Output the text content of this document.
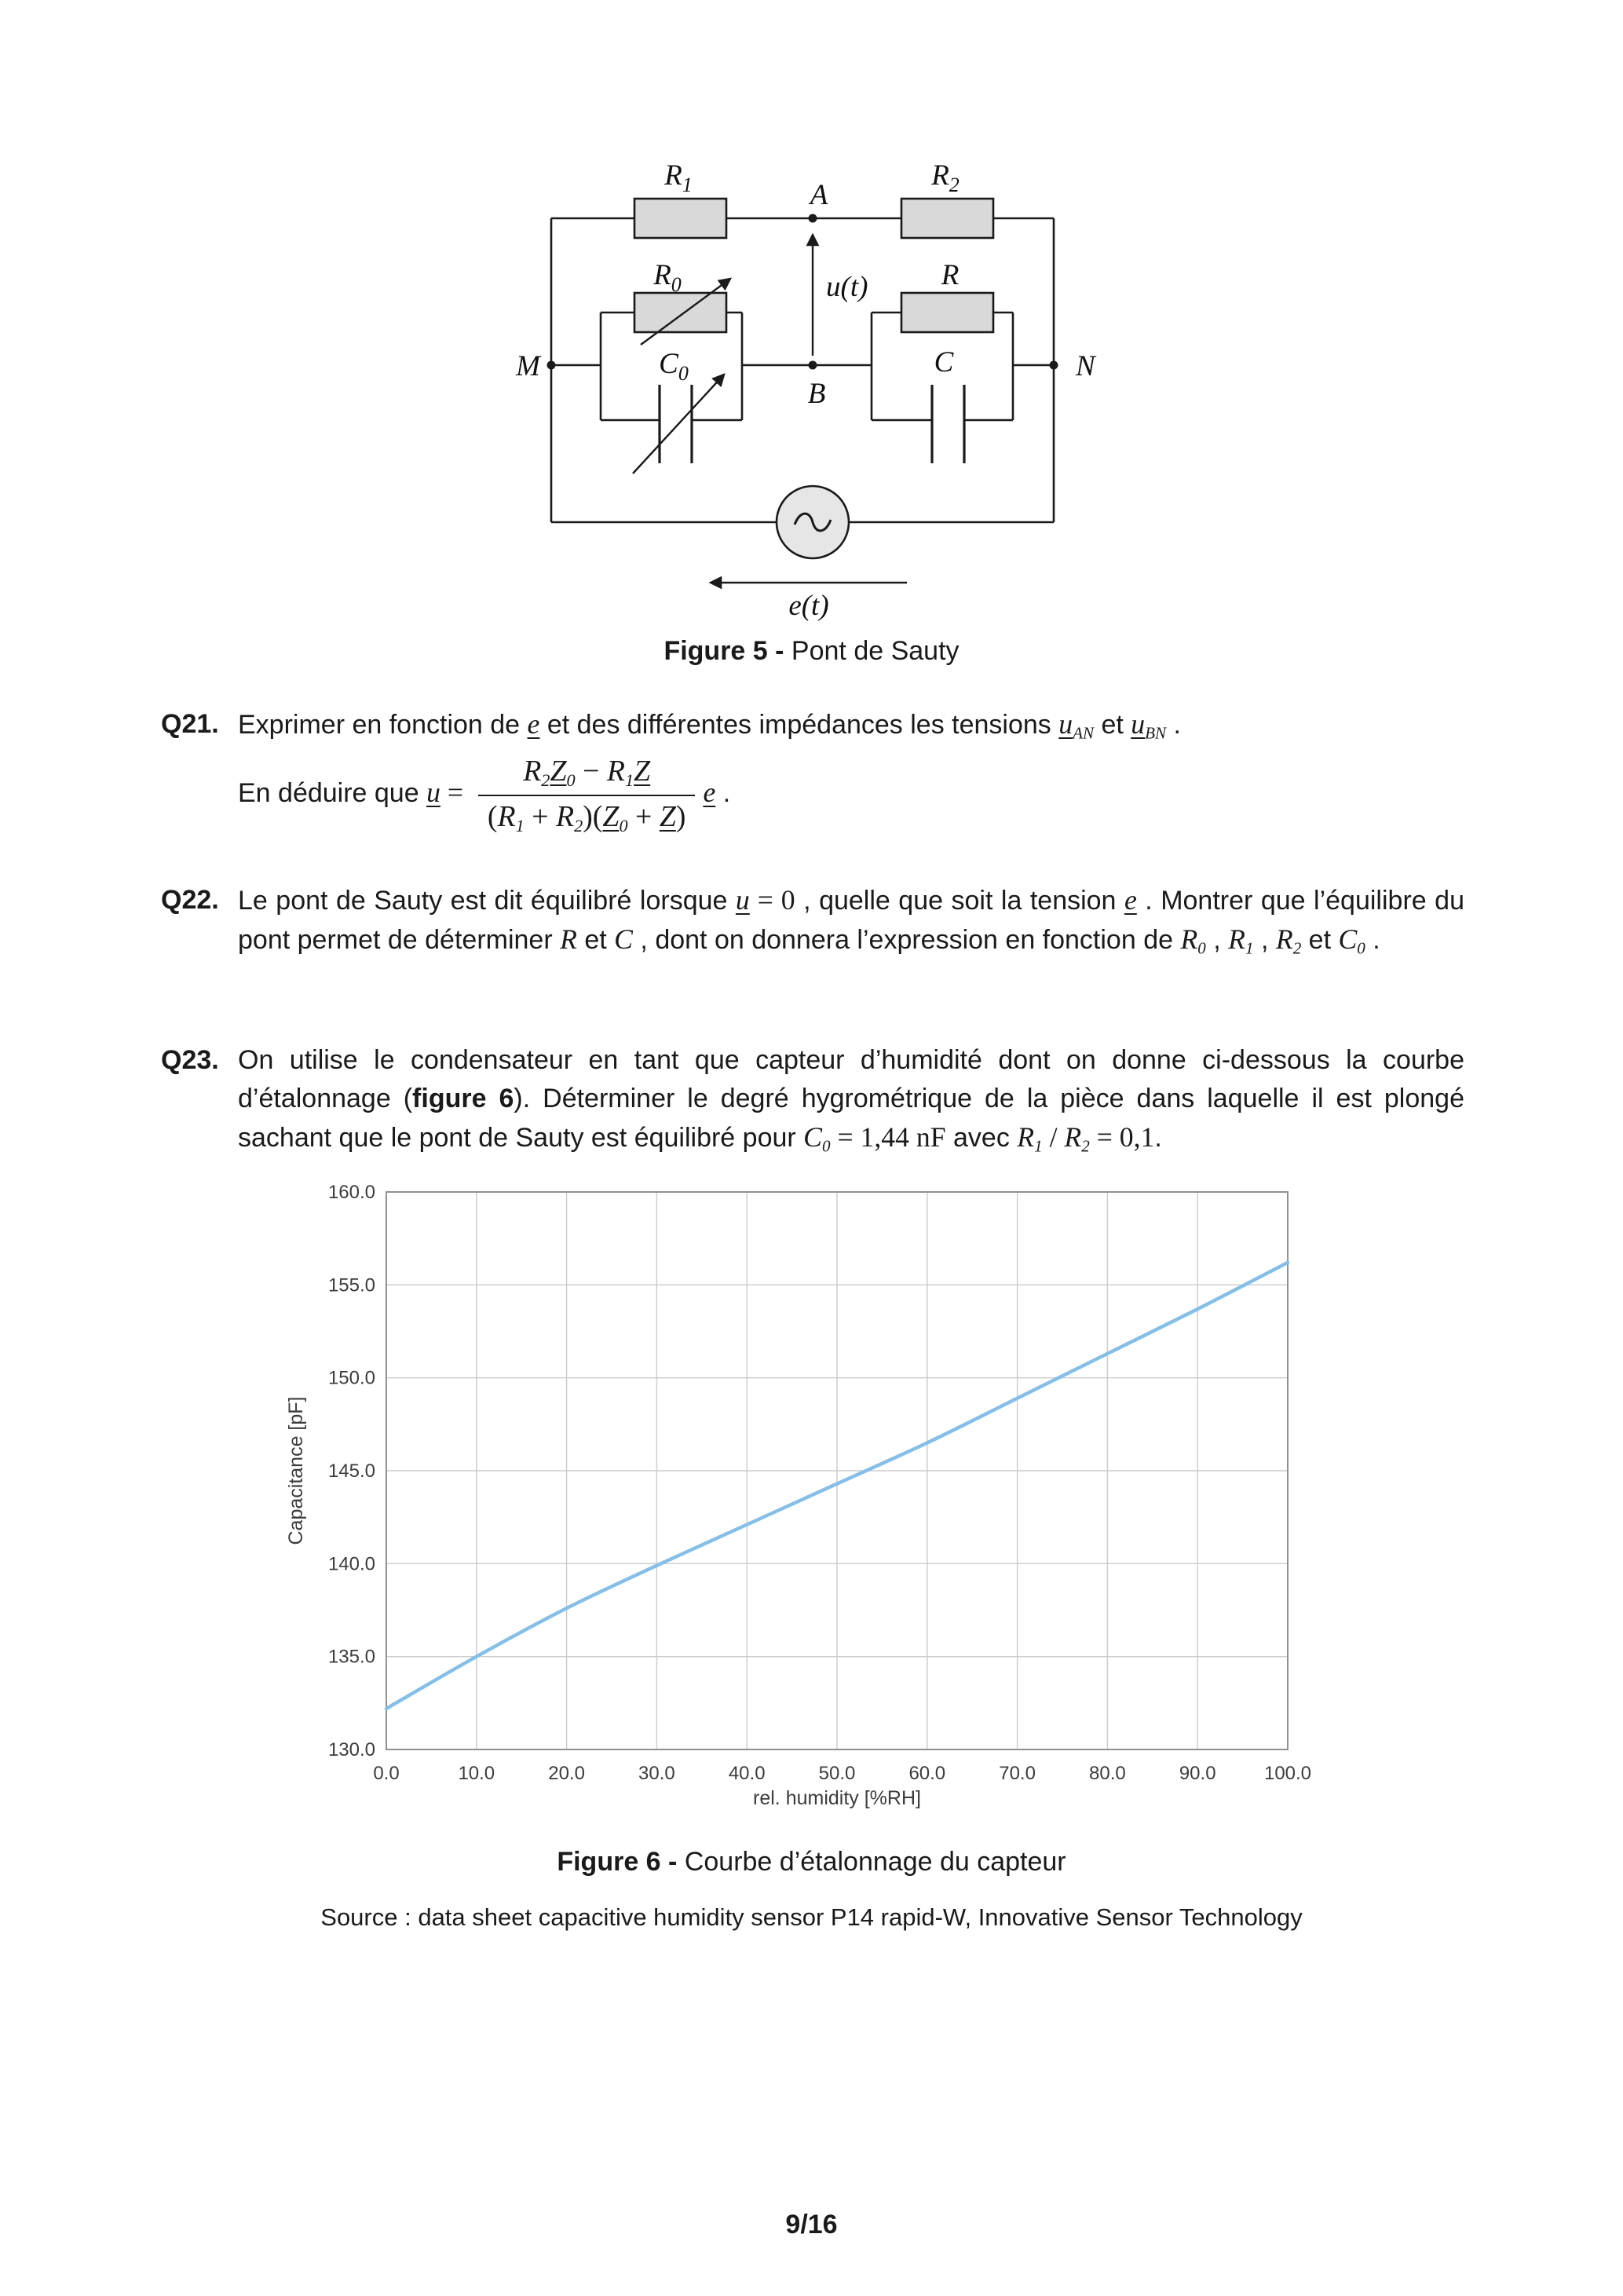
$R_1$	$R_2$
A
$R_0$	R
u(t)
M	N
B
$C_0$	C
e(t)
Figure 5 - Pont de Sauty
Q21. Exprimer en fonction de e et des différentes impédances les tensions uAN et uBN .

En déduire que $u = \frac{R2Z0 - R1Z}{(R1 + R2)(Z0 + Z)}$ e .

Q22. Le pont de Sauty est dit équilibré lorsque u = 0 , quelle que soit la tension e . Montrer que l’équilibre du pont permet de déterminer R et C , dont on donnera l’expression en fonction de R0 , R1 , R2 et C0 .

Q23. On utilise le condensateur en tant que capteur d’humidité dont on donne ci-dessous la courbe d’étalonnage (figure 6). Déterminer le degré hygrométrique de la pièce dans laquelle il est plongé sachant que le pont de Sauty est équilibré pour C0 = 1,44 nF avec R1 / R2 = 0,1.

0.0	10.0	20.0	30.0	40.0	50.0	60.0	70.0	80.0	90.0	100.0
130.0
135.0
140.0
145.0
150.0
155.0
160.0
rel. humidity [%RH]
Capacitance [pF]
Figure 6 - Courbe d’étalonnage du capteur
Source : data sheet capacitive humidity sensor P14 rapid-W, Innovative Sensor Technology
9/16
